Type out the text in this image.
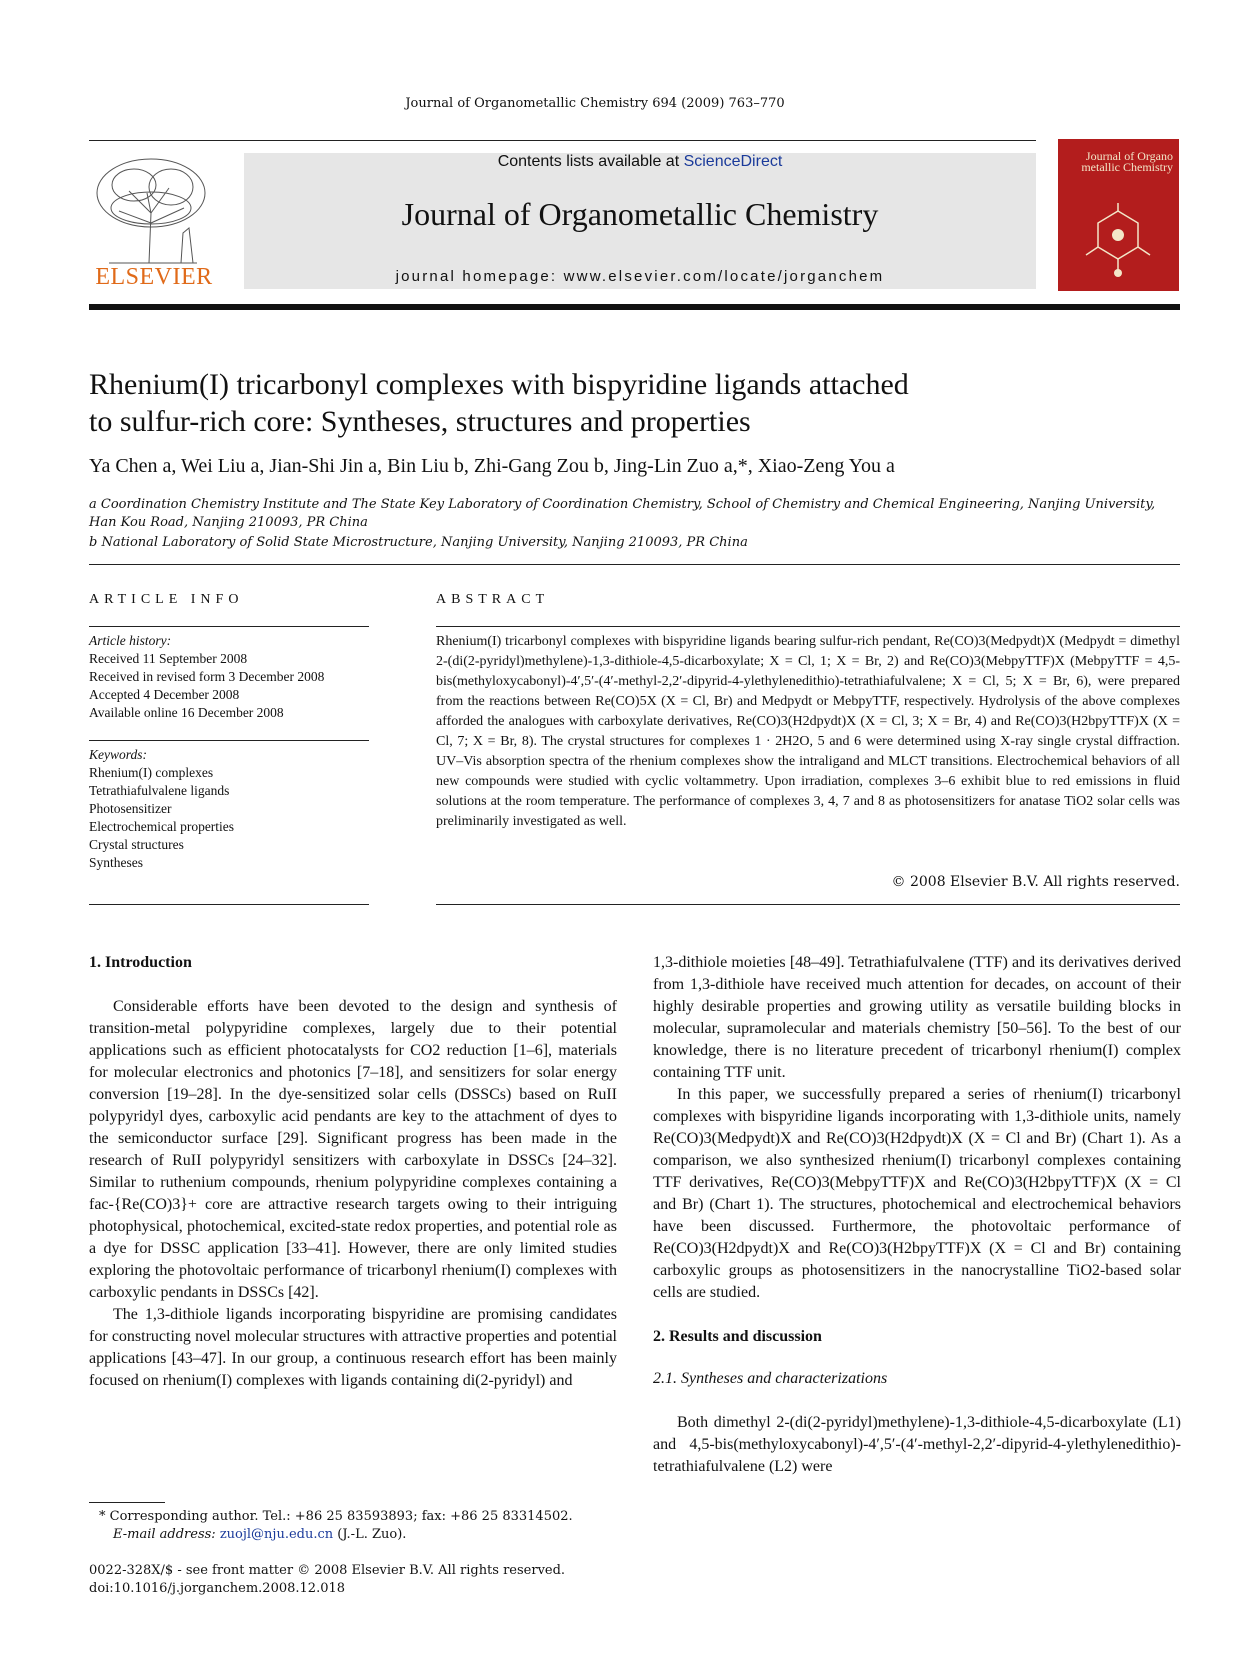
Journal of Organometallic Chemistry 694 (2009) 763–770
ELSEVIER
Contents lists available at ScienceDirect
Journal of Organometallic Chemistry
journal homepage: www.elsevier.com/locate/jorganchem
Journal of Organo metallic Chemistry
Rhenium(I) tricarbonyl complexes with bispyridine ligands attached
to sulfur-rich core: Syntheses, structures and properties
Ya Chen a, Wei Liu a, Jian-Shi Jin a, Bin Liu b, Zhi-Gang Zou b, Jing-Lin Zuo a,*, Xiao-Zeng You a
a Coordination Chemistry Institute and The State Key Laboratory of Coordination Chemistry, School of Chemistry and Chemical Engineering, Nanjing University,
Han Kou Road, Nanjing 210093, PR China
b National Laboratory of Solid State Microstructure, Nanjing University, Nanjing 210093, PR China
ARTICLE INFO
Article history:
Received 11 September 2008
Received in revised form 3 December 2008
Accepted 4 December 2008
Available online 16 December 2008
Keywords:
Rhenium(I) complexes
Tetrathiafulvalene ligands
Photosensitizer
Electrochemical properties
Crystal structures
Syntheses
ABSTRACT
Rhenium(I) tricarbonyl complexes with bispyridine ligands bearing sulfur-rich pendant, Re(CO)3(Medpydt)X (Medpydt = dimethyl 2-(di(2-pyridyl)methylene)-1,3-dithiole-4,5-dicarboxylate; X = Cl, 1; X = Br, 2) and Re(CO)3(MebpyTTF)X (MebpyTTF = 4,5-bis(methyloxycabonyl)-4′,5′-(4′-methyl-2,2′-dipyrid-4-ylethylenedithio)-tetrathiafulvalene; X = Cl, 5; X = Br, 6), were prepared from the reactions between Re(CO)5X (X = Cl, Br) and Medpydt or MebpyTTF, respectively. Hydrolysis of the above complexes afforded the analogues with carboxylate derivatives, Re(CO)3(H2dpydt)X (X = Cl, 3; X = Br, 4) and Re(CO)3(H2bpyTTF)X (X = Cl, 7; X = Br, 8). The crystal structures for complexes 1 · 2H2O, 5 and 6 were determined using X-ray single crystal diffraction. UV–Vis absorption spectra of the rhenium complexes show the intraligand and MLCT transitions. Electrochemical behaviors of all new compounds were studied with cyclic voltammetry. Upon irradiation, complexes 3–6 exhibit blue to red emissions in fluid solutions at the room temperature. The performance of complexes 3, 4, 7 and 8 as photosensitizers for anatase TiO2 solar cells was preliminarily investigated as well.
© 2008 Elsevier B.V. All rights reserved.
1. Introduction

Considerable efforts have been devoted to the design and synthesis of transition-metal polypyridine complexes, largely due to their potential applications such as efficient photocatalysts for CO2 reduction [1–6], materials for molecular electronics and photonics [7–18], and sensitizers for solar energy conversion [19–28]. In the dye-sensitized solar cells (DSSCs) based on RuII polypyridyl dyes, carboxylic acid pendants are key to the attachment of dyes to the semiconductor surface [29]. Significant progress has been made in the research of RuII polypyridyl sensitizers with carboxylate in DSSCs [24–32]. Similar to ruthenium compounds, rhenium polypyridine complexes containing a fac-{Re(CO)3}+ core are attractive research targets owing to their intriguing photophysical, photochemical, excited-state redox properties, and potential role as a dye for DSSC application [33–41]. However, there are only limited studies exploring the photovoltaic performance of tricarbonyl rhenium(I) complexes with carboxylic pendants in DSSCs [42].

The 1,3-dithiole ligands incorporating bispyridine are promising candidates for constructing novel molecular structures with attractive properties and potential applications [43–47]. In our group, a continuous research effort has been mainly focused on rhenium(I) complexes with ligands containing di(2-pyridyl) and

1,3-dithiole moieties [48–49]. Tetrathiafulvalene (TTF) and its derivatives derived from 1,3-dithiole have received much attention for decades, on account of their highly desirable properties and growing utility as versatile building blocks in molecular, supramolecular and materials chemistry [50–56]. To the best of our knowledge, there is no literature precedent of tricarbonyl rhenium(I) complex containing TTF unit.

In this paper, we successfully prepared a series of rhenium(I) tricarbonyl complexes with bispyridine ligands incorporating with 1,3-dithiole units, namely Re(CO)3(Medpydt)X and Re(CO)3(H2dpydt)X (X = Cl and Br) (Chart 1). As a comparison, we also synthesized rhenium(I) tricarbonyl complexes containing TTF derivatives, Re(CO)3(MebpyTTF)X and Re(CO)3(H2bpyTTF)X (X = Cl and Br) (Chart 1). The structures, photochemical and electrochemical behaviors have been discussed. Furthermore, the photovoltaic performance of Re(CO)3(H2dpydt)X and Re(CO)3(H2bpyTTF)X (X = Cl and Br) containing carboxylic groups as photosensitizers in the nanocrystalline TiO2-based solar cells are studied.

2. Results and discussion
2.1. Syntheses and characterizations

Both dimethyl 2-(di(2-pyridyl)methylene)-1,3-dithiole-4,5-dicarboxylate (L1) and 4,5-bis(methyloxycabonyl)-4′,5′-(4′-methyl-2,2′-dipyrid-4-ylethylenedithio)-tetrathiafulvalene (L2) were

* Corresponding author. Tel.: +86 25 83593893; fax: +86 25 83314502.
E-mail address: zuojl@nju.edu.cn (J.-L. Zuo).
0022-328X/$ - see front matter © 2008 Elsevier B.V. All rights reserved.
doi:10.1016/j.jorganchem.2008.12.018
